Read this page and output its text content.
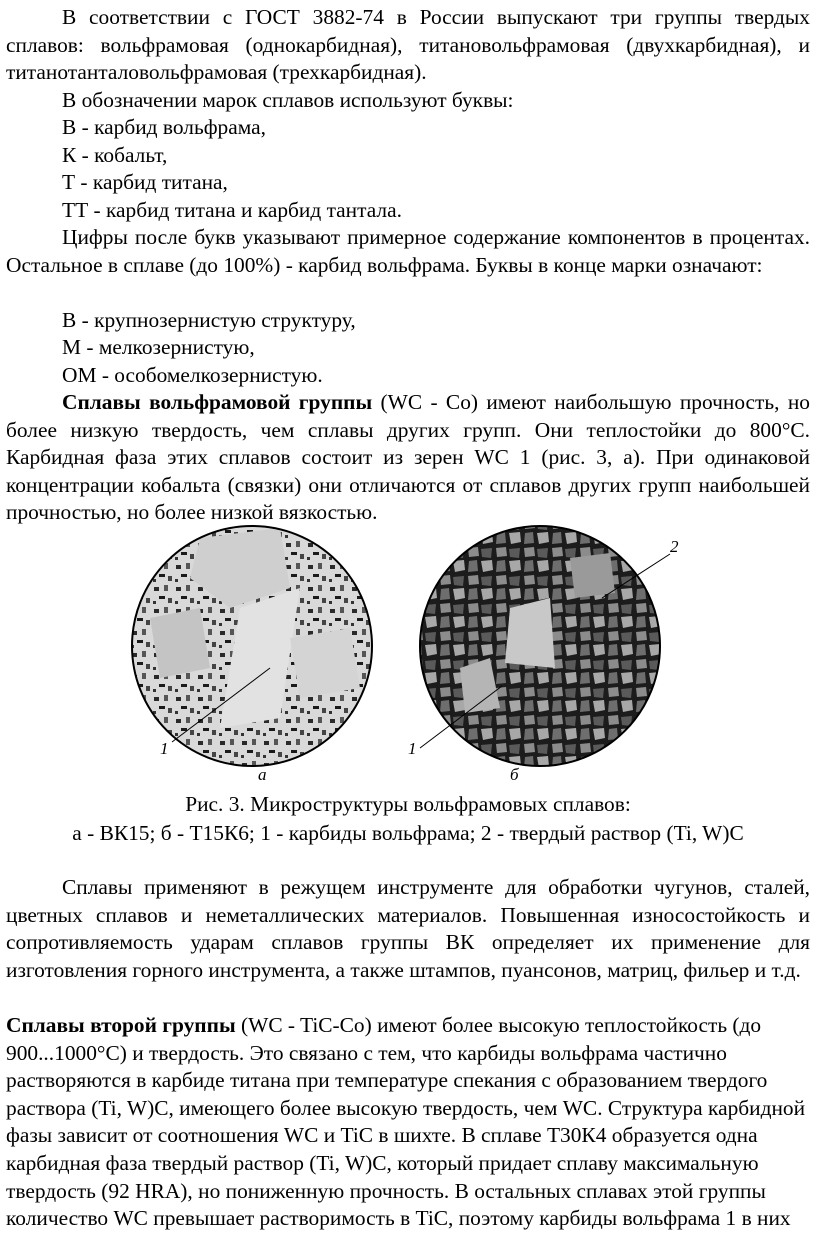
В соответствии с ГОСТ 3882-74 в России выпускают три группы твердых сплавов: вольфрамовая (однокарбидная), титановольфрамовая (двухкарбидная), и титанотанталовольфрамовая (трехкарбидная).

В обозначении марок сплавов используют буквы:

В - карбид вольфрама,

К - кобальт,

Т - карбид титана,

ТТ - карбид титана и карбид тантала.

Цифры после букв указывают примерное содержание компонентов в процентах. Остальное в сплаве (до 100%) - карбид вольфрама. Буквы в конце марки означают:

В - крупнозернистую структуру,

М - мелкозернистую,

ОМ - особомелкозернистую.

Сплавы вольфрамовой группы (WC - Co) имеют наибольшую прочность, но более низкую твердость, чем сплавы других групп. Они теплостойки до 800°С. Карбидная фаза этих сплавов состоит из зерен WC 1 (рис. 3, а). При одинаковой концентрации кобальта (связки) они отличаются от сплавов других групп наибольшей прочностью, но более низкой вязкостью.

1
а
1
2
б

Рис. 3. Микроструктуры вольфрамовых сплавов:

а - ВК15; б - Т15К6; 1 - карбиды вольфрама; 2 - твердый раствор (Ti, W)C

Сплавы применяют в режущем инструменте для обработки чугунов, сталей, цветных сплавов и неметаллических материалов. Повышенная износостойкость и сопротивляемость ударам сплавов группы ВК определяет их применение для изготовления горного инструмента, а также штампов, пуансонов, матриц, фильер и т.д.

Сплавы второй группы (WC - TiC-Co) имеют более высокую теплостойкость (до 900...1000°С) и твердость. Это связано с тем, что карбиды вольфрама частично растворяются в карбиде титана при температуре спекания с образованием твердого раствора (Ti, W)C, имеющего более высокую твердость, чем WC. Структура карбидной фазы зависит от соотношения WC и TiC в шихте. В сплаве Т30К4 образуется одна карбидная фаза твердый раствор (Ti, W)C, который придает сплаву максимальную твердость (92 HRA), но пониженную прочность. В остальных сплавах этой группы количество WC превышает растворимость в TiC, поэтому карбиды вольфрама 1 в них
